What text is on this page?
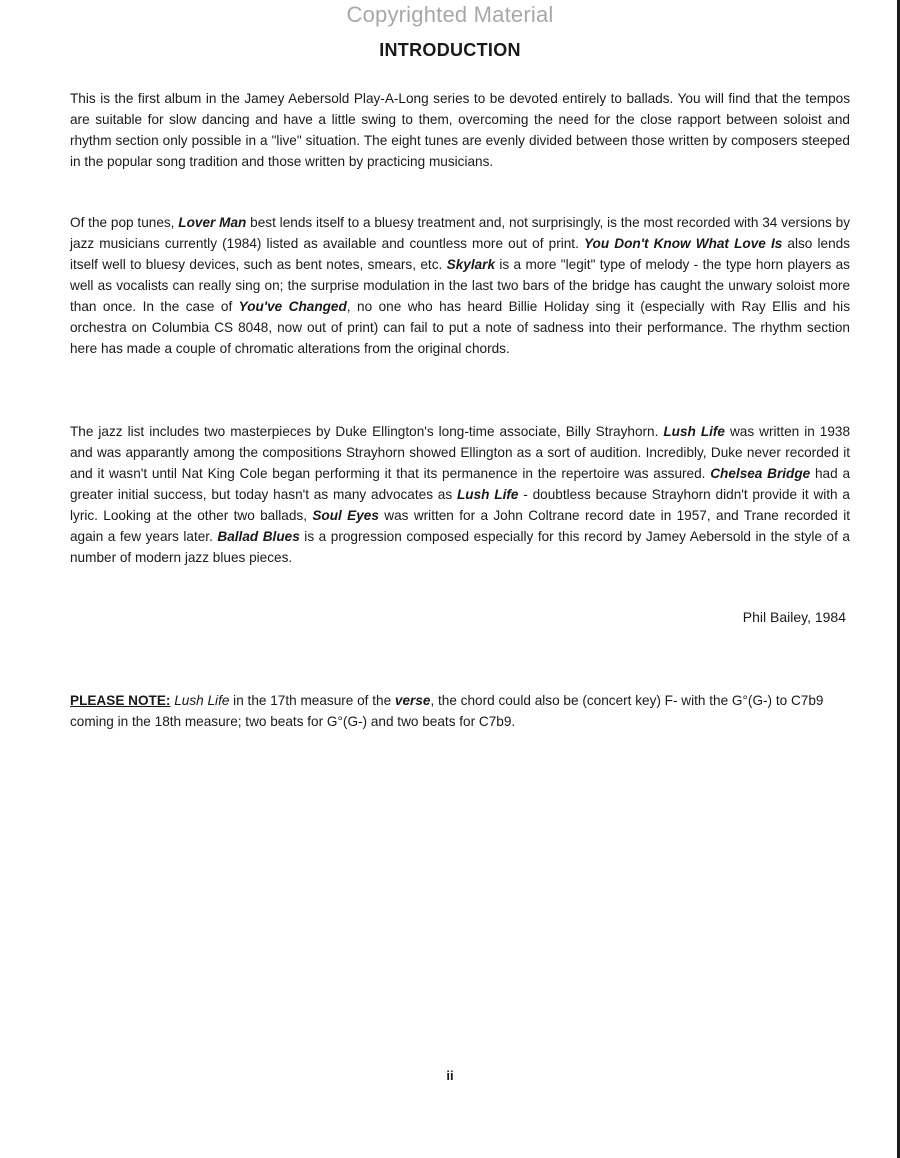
Copyrighted Material
INTRODUCTION

This is the first album in the Jamey Aebersold Play-A-Long series to be devoted entirely to ballads. You will find that the tempos are suitable for slow dancing and have a little swing to them, overcoming the need for the close rapport between soloist and rhythm section only possible in a "live" situation. The eight tunes are evenly divided between those written by composers steeped in the popular song tradition and those written by practicing musicians.

Of the pop tunes, Lover Man best lends itself to a bluesy treatment and, not surprisingly, is the most recorded with 34 versions by jazz musicians currently (1984) listed as available and countless more out of print. You Don't Know What Love Is also lends itself well to bluesy devices, such as bent notes, smears, etc. Skylark is a more "legit" type of melody - the type horn players as well as vocalists can really sing on; the surprise modulation in the last two bars of the bridge has caught the unwary soloist more than once. In the case of You've Changed, no one who has heard Billie Holiday sing it (especially with Ray Ellis and his orchestra on Columbia CS 8048, now out of print) can fail to put a note of sadness into their performance. The rhythm section here has made a couple of chromatic alterations from the original chords.

The jazz list includes two masterpieces by Duke Ellington's long-time associate, Billy Strayhorn. Lush Life was written in 1938 and was apparantly among the compositions Strayhorn showed Ellington as a sort of audition. Incredibly, Duke never recorded it and it wasn't until Nat King Cole began performing it that its permanence in the repertoire was assured. Chelsea Bridge had a greater initial success, but today hasn't as many advocates as Lush Life - doubtless because Strayhorn didn't provide it with a lyric. Looking at the other two ballads, Soul Eyes was written for a John Coltrane record date in 1957, and Trane recorded it again a few years later. Ballad Blues is a progression composed especially for this record by Jamey Aebersold in the style of a number of modern jazz blues pieces.

Phil Bailey, 1984

PLEASE NOTE: Lush Life in the 17th measure of the verse, the chord could also be (concert key) F- with the G°(G-) to C7b9 coming in the 18th measure; two beats for G°(G-) and two beats for C7b9.

ii
